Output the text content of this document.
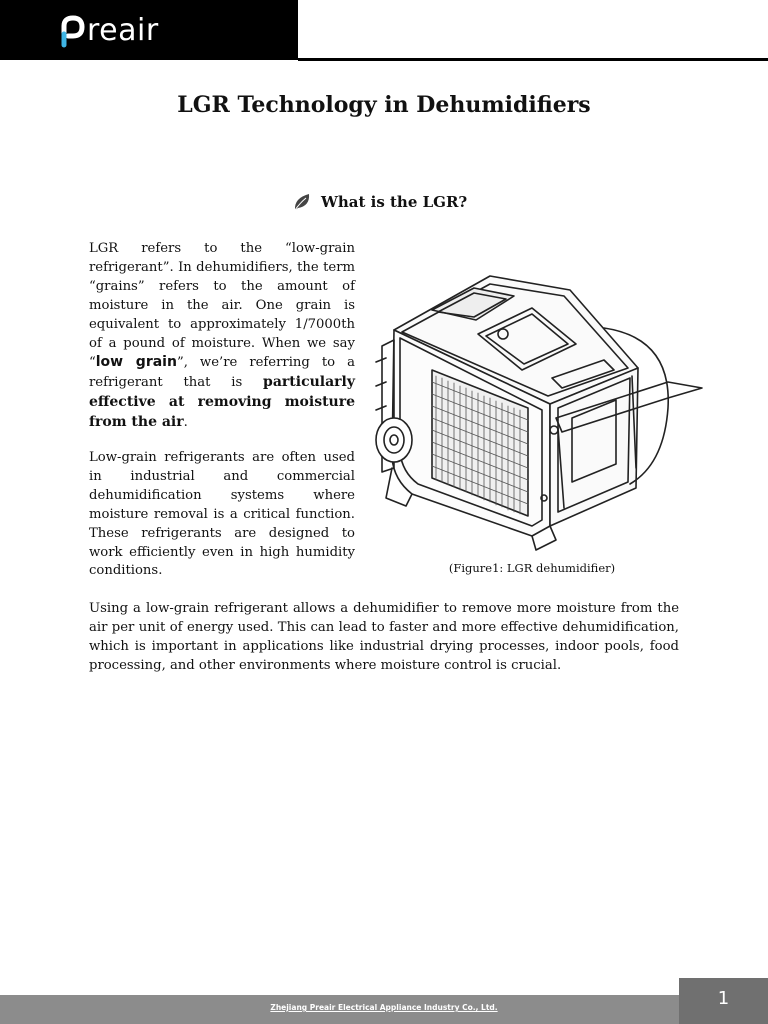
reair
LGR Technology in Dehumidifiers
What is the LGR?

LGR refers to the “low-grain refrigerant”. In dehumidifiers, the term “grains” refers to the amount of moisture in the air. One grain is equivalent to approximately 1/7000th of a pound of moisture. When we say “low grain”, we’re referring to a refrigerant that is particularly effective at removing moisture from the air.

Low-grain refrigerants are often used in industrial and commercial dehumidification systems where moisture removal is a critical function. These refrigerants are designed to work efficiently even in high humidity conditions.	(Figure1: LGR dehumidifier)

Using a low-grain refrigerant allows a dehumidifier to remove more moisture from the air per unit of energy used. This can lead to faster and more effective dehumidification, which is important in applications like industrial drying processes, indoor pools, food processing, and other environments where moisture control is crucial.

Zhejiang Preair Electrical Appliance Industry Co., Ltd.	1
